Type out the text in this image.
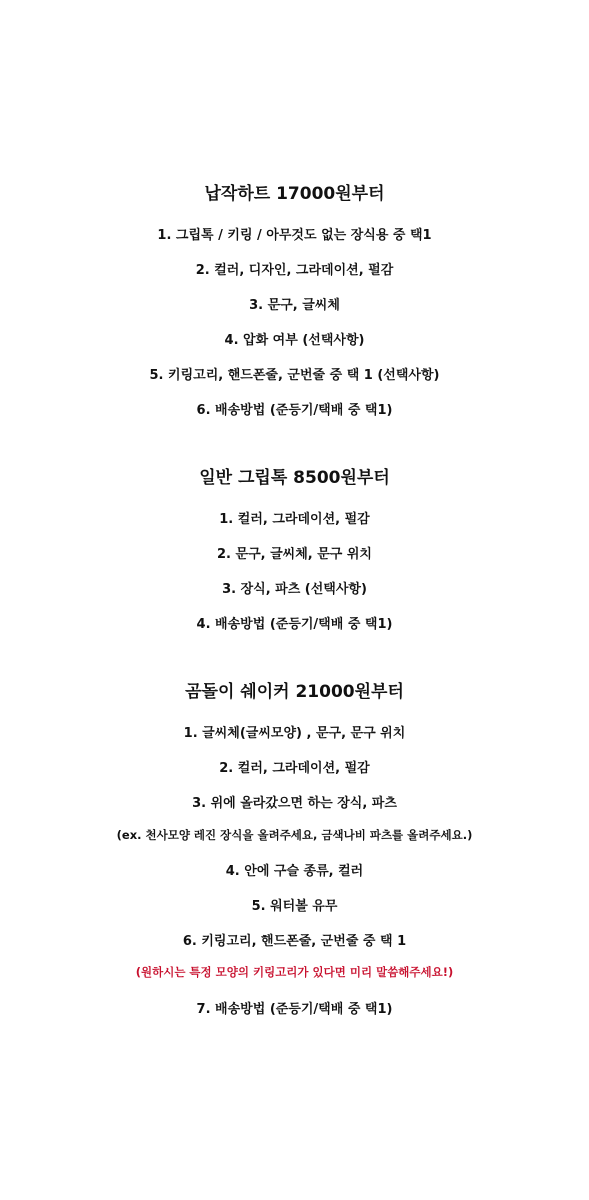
납작하트 17000원부터
1. 그립톡 / 키링 / 아무것도 없는 장식용 중 택1
2. 컬러, 디자인, 그라데이션, 펄감
3. 문구, 글씨체
4. 압화 여부 (선택사항)
5. 키링고리, 핸드폰줄, 군번줄 중 택 1 (선택사항)
6. 배송방법 (준등기/택배 중 택1)
일반 그립톡 8500원부터
1. 컬러, 그라데이션, 펄감
2. 문구, 글씨체, 문구 위치
3. 장식, 파츠 (선택사항)
4. 배송방법 (준등기/택배 중 택1)
곰돌이 쉐이커 21000원부터
1. 글씨체(글씨모양) , 문구, 문구 위치
2. 컬러, 그라데이션, 펄감
3. 위에 올라갔으면 하는 장식, 파츠
(ex. 천사모양 레진 장식을 올려주세요, 금색나비 파츠를 올려주세요.)
4. 안에 구슬 종류, 컬러
5. 워터볼 유무
6. 키링고리, 핸드폰줄, 군번줄 중 택 1
(원하시는 특정 모양의 키링고리가 있다면 미리 말씀해주세요!)
7. 배송방법 (준등기/택배 중 택1)
